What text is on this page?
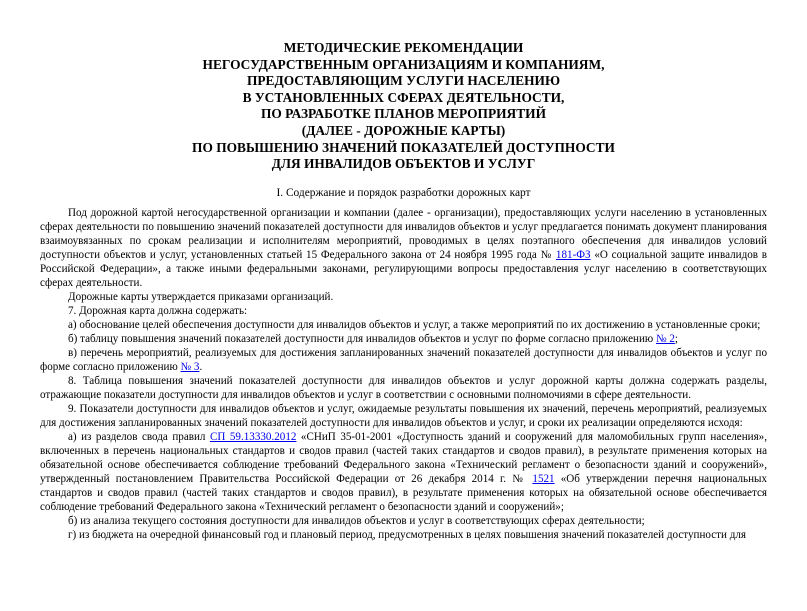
МЕТОДИЧЕСКИЕ РЕКОМЕНДАЦИИ
НЕГОСУДАРСТВЕННЫМ ОРГАНИЗАЦИЯМ И КОМПАНИЯМ,
ПРЕДОСТАВЛЯЮЩИМ УСЛУГИ НАСЕЛЕНИЮ
В УСТАНОВЛЕННЫХ СФЕРАХ ДЕЯТЕЛЬНОСТИ,
ПО РАЗРАБОТКЕ ПЛАНОВ МЕРОПРИЯТИЙ
(ДАЛЕЕ - ДОРОЖНЫЕ КАРТЫ)
ПО ПОВЫШЕНИЮ ЗНАЧЕНИЙ ПОКАЗАТЕЛЕЙ ДОСТУПНОСТИ
ДЛЯ ИНВАЛИДОВ ОБЪЕКТОВ И УСЛУГ
I. Содержание и порядок разработки дорожных карт

Под дорожной картой негосударственной организации и компании (далее - организации), предоставляющих услуги населению в установленных сферах деятельности по повышению значений показателей доступности для инвалидов объектов и услуг предлагается понимать документ планирования взаимоувязанных по срокам реализации и исполнителям мероприятий, проводимых в целях поэтапного обеспечения для инвалидов условий доступности объектов и услуг, установленных статьей 15 Федерального закона от 24 ноября 1995 года № 181-ФЗ «О социальной защите инвалидов в Российской Федерации», а также иными федеральными законами, регулирующими вопросы предоставления услуг населению в соответствующих сферах деятельности.

Дорожные карты утверждается приказами организаций.

7. Дорожная карта должна содержать:

а) обоснование целей обеспечения доступности для инвалидов объектов и услуг, а также мероприятий по их достижению в установленные сроки;

б) таблицу повышения значений показателей доступности для инвалидов объектов и услуг по форме согласно приложению № 2;

в) перечень мероприятий, реализуемых для достижения запланированных значений показателей доступности для инвалидов объектов и услуг по форме согласно приложению № 3.

8. Таблица повышения значений показателей доступности для инвалидов объектов и услуг дорожной карты должна содержать разделы, отражающие показатели доступности для инвалидов объектов и услуг в соответствии с основными полномочиями в сфере деятельности.

9. Показатели доступности для инвалидов объектов и услуг, ожидаемые результаты повышения их значений, перечень мероприятий, реализуемых для достижения запланированных значений показателей доступности для инвалидов объектов и услуг, и сроки их реализации определяются исходя:

а) из разделов свода правил СП 59.13330.2012 «СНиП 35-01-2001 «Доступность зданий и сооружений для маломобильных групп населения», включенных в перечень национальных стандартов и сводов правил (частей таких стандартов и сводов правил), в результате применения которых на обязательной основе обеспечивается соблюдение требований Федерального закона «Технический регламент о безопасности зданий и сооружений», утвержденный постановлением Правительства Российской Федерации от 26 декабря 2014 г. № 1521 «Об утверждении перечня национальных стандартов и сводов правил (частей таких стандартов и сводов правил), в результате применения которых на обязательной основе обеспечивается соблюдение требований Федерального закона «Технический регламент о безопасности зданий и сооружений»;

б) из анализа текущего состояния доступности для инвалидов объектов и услуг в соответствующих сферах деятельности;

г) из бюджета на очередной финансовый год и плановый период, предусмотренных в целях повышения значений показателей доступности для
